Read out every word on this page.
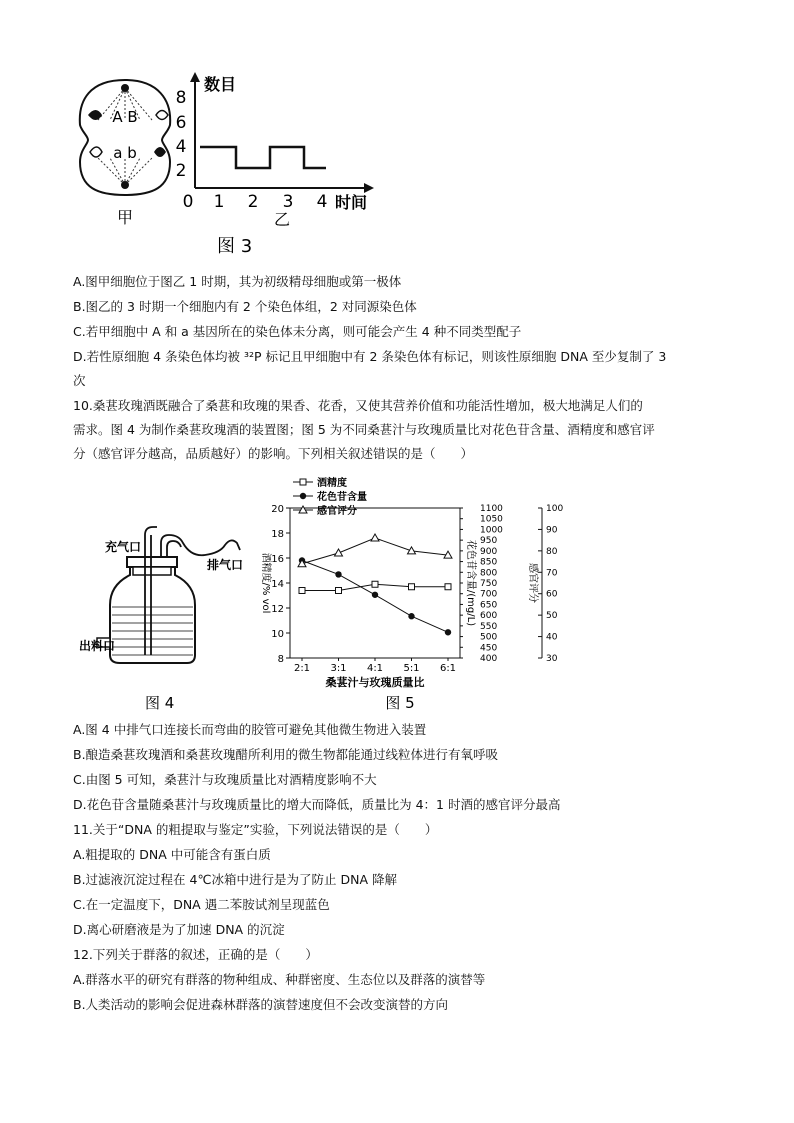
A B
a b
甲
数目
8
6
4
2
0 1 2 3 4 时间
乙
图 3
A.图甲细胞位于图乙 1 时期，其为初级精母细胞或第一极体
B.图乙的 3 时期一个细胞内有 2 个染色体组，2 对同源染色体
C.若甲细胞中 A 和 a 基因所在的染色体未分离，则可能会产生 4 种不同类型配子
D.若性原细胞 4 条染色体均被 ³²P 标记且甲细胞中有 2 条染色体有标记，则该性原细胞 DNA 至少复制了 3
次
10.桑葚玫瑰酒既融合了桑葚和玫瑰的果香、花香，又使其营养价值和功能活性增加，极大地满足人们的
需求。图 4 为制作桑葚玫瑰酒的装置图；图 5 为不同桑葚汁与玫瑰质量比对花色苷含量、酒精度和感官评
分（感官评分越高，品质越好）的影响。下列相关叙述错误的是（　　）
充气口
排气口
出料口
图 4
8
10
12
14
16
18
20
酒精度/% vol
400
450
500
550
600
650
700
750
800
850
900
950
1000
1050
1100
花色苷含量/(mg/L)
30
40
50
60
70
80
90
100
感官评分
2:1 3:1 4:1 5:1 6:1
桑葚汁与玫瑰质量比
酒精度
花色苷含量
感官评分
图 5
A.图 4 中排气口连接长而弯曲的胶管可避免其他微生物进入装置
B.酿造桑葚玫瑰酒和桑葚玫瑰醋所利用的微生物都能通过线粒体进行有氧呼吸
C.由图 5 可知，桑葚汁与玫瑰质量比对酒精度影响不大
D.花色苷含量随桑葚汁与玫瑰质量比的增大而降低，质量比为 4：1 时酒的感官评分最高
11.关于“DNA 的粗提取与鉴定”实验，下列说法错误的是（　　）
A.粗提取的 DNA 中可能含有蛋白质
B.过滤液沉淀过程在 4℃冰箱中进行是为了防止 DNA 降解
C.在一定温度下，DNA 遇二苯胺试剂呈现蓝色
D.离心研磨液是为了加速 DNA 的沉淀
12.下列关于群落的叙述，正确的是（　　）
A.群落水平的研究有群落的物种组成、种群密度、生态位以及群落的演替等
B.人类活动的影响会促进森林群落的演替速度但不会改变演替的方向
